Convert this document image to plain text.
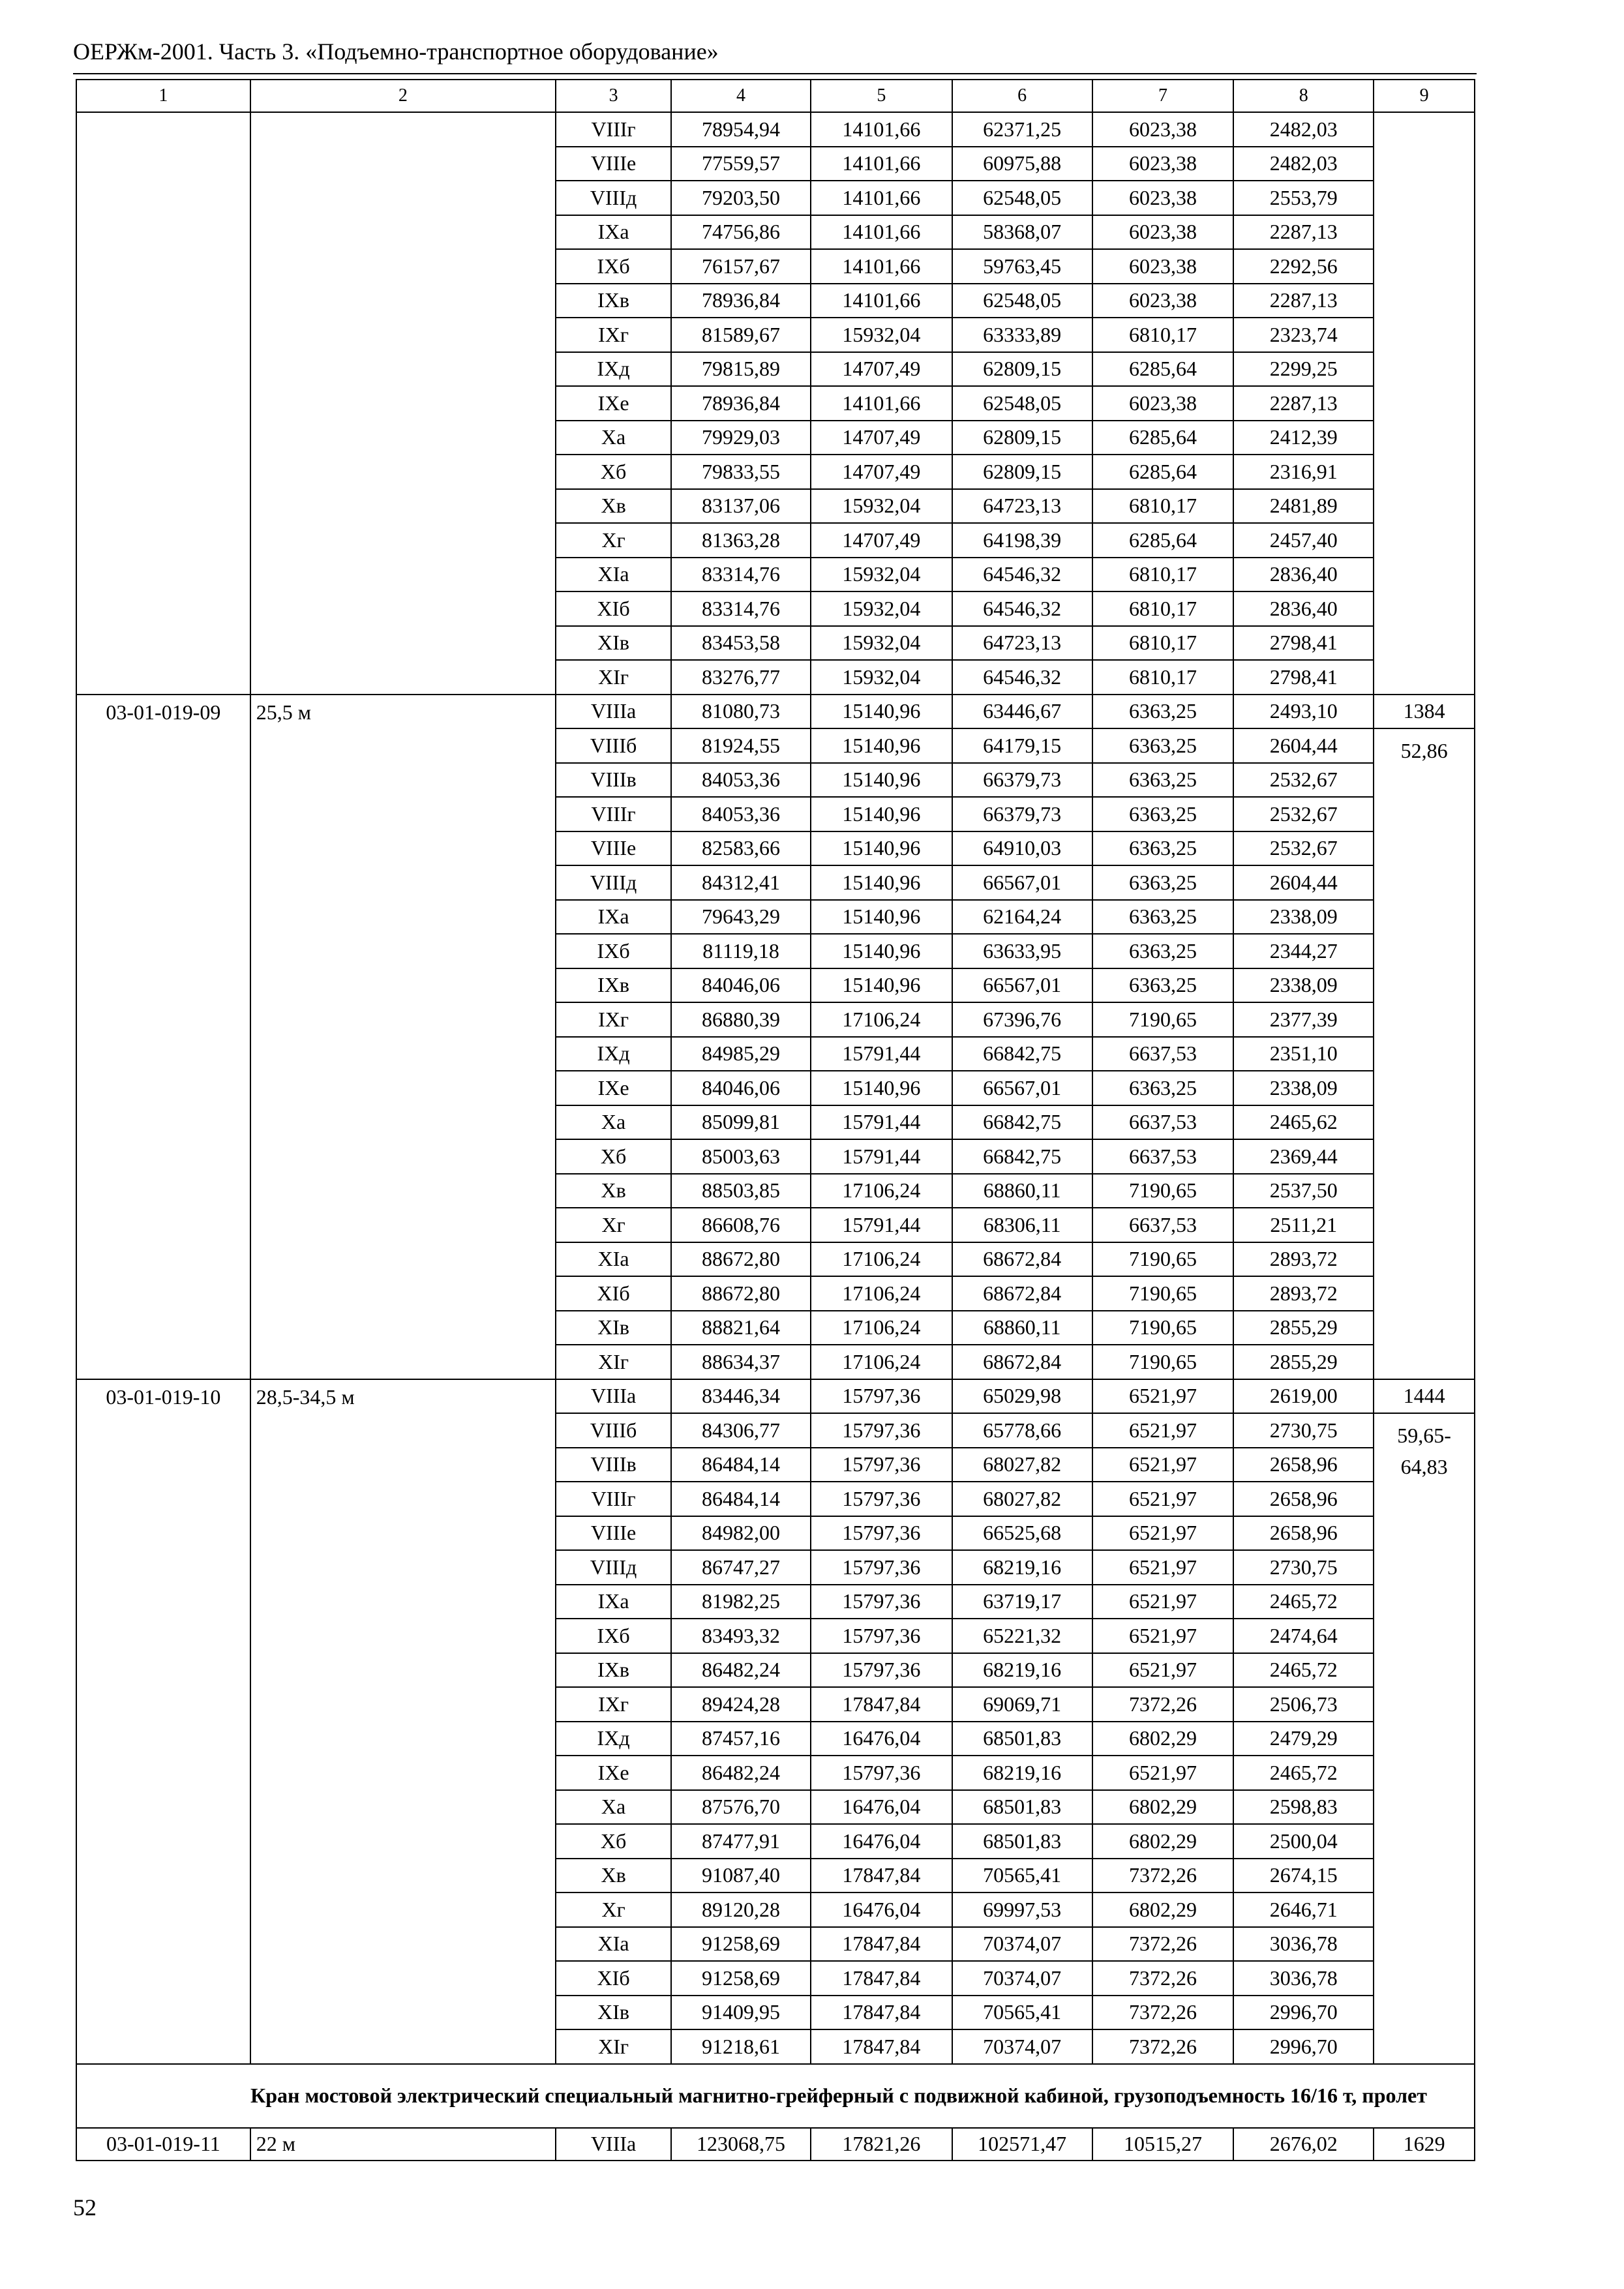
ОЕРЖм-2001. Часть 3. «Подъемно-транспортное оборудование»
1	2	3	4	5	6	7	8	9
		VIIIг	78954,94	14101,66	62371,25	6023,38	2482,03	
		VIIIе	77559,57	14101,66	60975,88	6023,38	2482,03	
		VIIIд	79203,50	14101,66	62548,05	6023,38	2553,79	
		IXa	74756,86	14101,66	58368,07	6023,38	2287,13	
		IXб	76157,67	14101,66	59763,45	6023,38	2292,56	
		IXв	78936,84	14101,66	62548,05	6023,38	2287,13	
		IXг	81589,67	15932,04	63333,89	6810,17	2323,74	
		IXд	79815,89	14707,49	62809,15	6285,64	2299,25	
		IXе	78936,84	14101,66	62548,05	6023,38	2287,13	
		Xa	79929,03	14707,49	62809,15	6285,64	2412,39	
		Xб	79833,55	14707,49	62809,15	6285,64	2316,91	
		Xв	83137,06	15932,04	64723,13	6810,17	2481,89	
		Xг	81363,28	14707,49	64198,39	6285,64	2457,40	
		XIa	83314,76	15932,04	64546,32	6810,17	2836,40	
		XIб	83314,76	15932,04	64546,32	6810,17	2836,40	
		XIв	83453,58	15932,04	64723,13	6810,17	2798,41	
		XIг	83276,77	15932,04	64546,32	6810,17	2798,41	
03-01-019-09	25,5 м	VIIIa	81080,73	15140,96	63446,67	6363,25	2493,10	1384
		VIIIб	81924,55	15140,96	64179,15	6363,25	2604,44	52,86
		VIIIв	84053,36	15140,96	66379,73	6363,25	2532,67	
		VIIIг	84053,36	15140,96	66379,73	6363,25	2532,67	
		VIIIе	82583,66	15140,96	64910,03	6363,25	2532,67	
		VIIIд	84312,41	15140,96	66567,01	6363,25	2604,44	
		IXa	79643,29	15140,96	62164,24	6363,25	2338,09	
		IXб	81119,18	15140,96	63633,95	6363,25	2344,27	
		IXв	84046,06	15140,96	66567,01	6363,25	2338,09	
		IXг	86880,39	17106,24	67396,76	7190,65	2377,39	
		IXд	84985,29	15791,44	66842,75	6637,53	2351,10	
		IXе	84046,06	15140,96	66567,01	6363,25	2338,09	
		Xa	85099,81	15791,44	66842,75	6637,53	2465,62	
		Xб	85003,63	15791,44	66842,75	6637,53	2369,44	
		Xв	88503,85	17106,24	68860,11	7190,65	2537,50	
		Xг	86608,76	15791,44	68306,11	6637,53	2511,21	
		XIa	88672,80	17106,24	68672,84	7190,65	2893,72	
		XIб	88672,80	17106,24	68672,84	7190,65	2893,72	
		XIв	88821,64	17106,24	68860,11	7190,65	2855,29	
		XIг	88634,37	17106,24	68672,84	7190,65	2855,29	
03-01-019-10	28,5-34,5 м	VIIIa	83446,34	15797,36	65029,98	6521,97	2619,00	1444
		VIIIб	84306,77	15797,36	65778,66	6521,97	2730,75	59,65-64,83
		VIIIв	86484,14	15797,36	68027,82	6521,97	2658,96	
		VIIIг	86484,14	15797,36	68027,82	6521,97	2658,96	
		VIIIе	84982,00	15797,36	66525,68	6521,97	2658,96	
		VIIIд	86747,27	15797,36	68219,16	6521,97	2730,75	
		IXa	81982,25	15797,36	63719,17	6521,97	2465,72	
		IXб	83493,32	15797,36	65221,32	6521,97	2474,64	
		IXв	86482,24	15797,36	68219,16	6521,97	2465,72	
		IXг	89424,28	17847,84	69069,71	7372,26	2506,73	
		IXд	87457,16	16476,04	68501,83	6802,29	2479,29	
		IXе	86482,24	15797,36	68219,16	6521,97	2465,72	
		Xa	87576,70	16476,04	68501,83	6802,29	2598,83	
		Xб	87477,91	16476,04	68501,83	6802,29	2500,04	
		Xв	91087,40	17847,84	70565,41	7372,26	2674,15	
		Xг	89120,28	16476,04	69997,53	6802,29	2646,71	
		XIa	91258,69	17847,84	70374,07	7372,26	3036,78	
		XIб	91258,69	17847,84	70374,07	7372,26	3036,78	
		XIв	91409,95	17847,84	70565,41	7372,26	2996,70	
		XIг	91218,61	17847,84	70374,07	7372,26	2996,70	
Кран мостовой электрический специальный магнитно-грейферный с подвижной кабиной, грузоподъемность 16/16 т, пролет								
03-01-019-11	22 м	VIIIa	123068,75	17821,26	102571,47	10515,27	2676,02	1629
52
